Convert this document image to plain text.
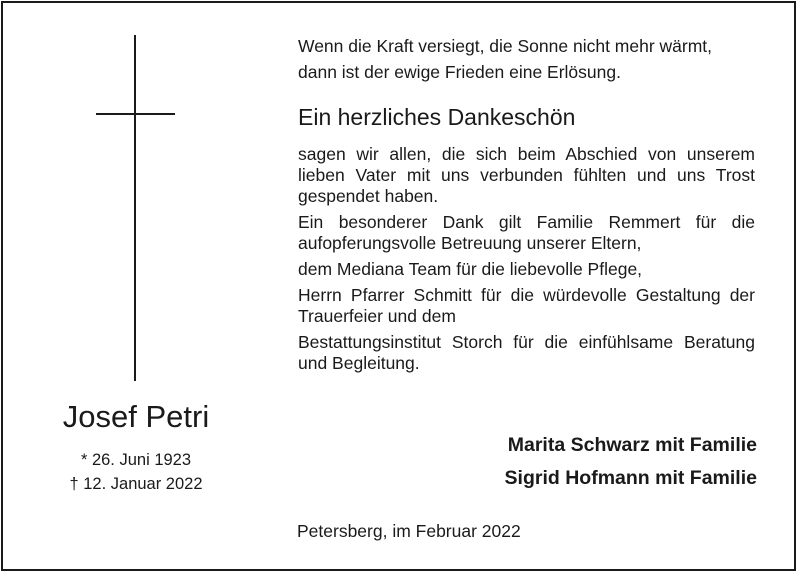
Josef Petri
* 26. Juni 1923
† 12. Januar 2022
Wenn die Kraft versiegt, die Sonne nicht mehr wärmt,
dann ist der ewige Frieden eine Erlösung.
Ein herzliches Dankeschön

sagen wir allen, die sich beim Abschied von unserem lieben Vater mit uns verbunden fühlten und uns Trost gespendet haben.

Ein besonderer Dank gilt Familie Remmert für die aufopferungsvolle Betreuung unserer Eltern,

dem Mediana Team für die liebevolle Pflege,

Herrn Pfarrer Schmitt für die würdevolle Gestaltung der Trauerfeier und dem

Bestattungsinstitut Storch für die einfühlsame Beratung und Begleitung.

Marita Schwarz mit Familie
Sigrid Hofmann mit Familie
Petersberg, im Februar 2022
